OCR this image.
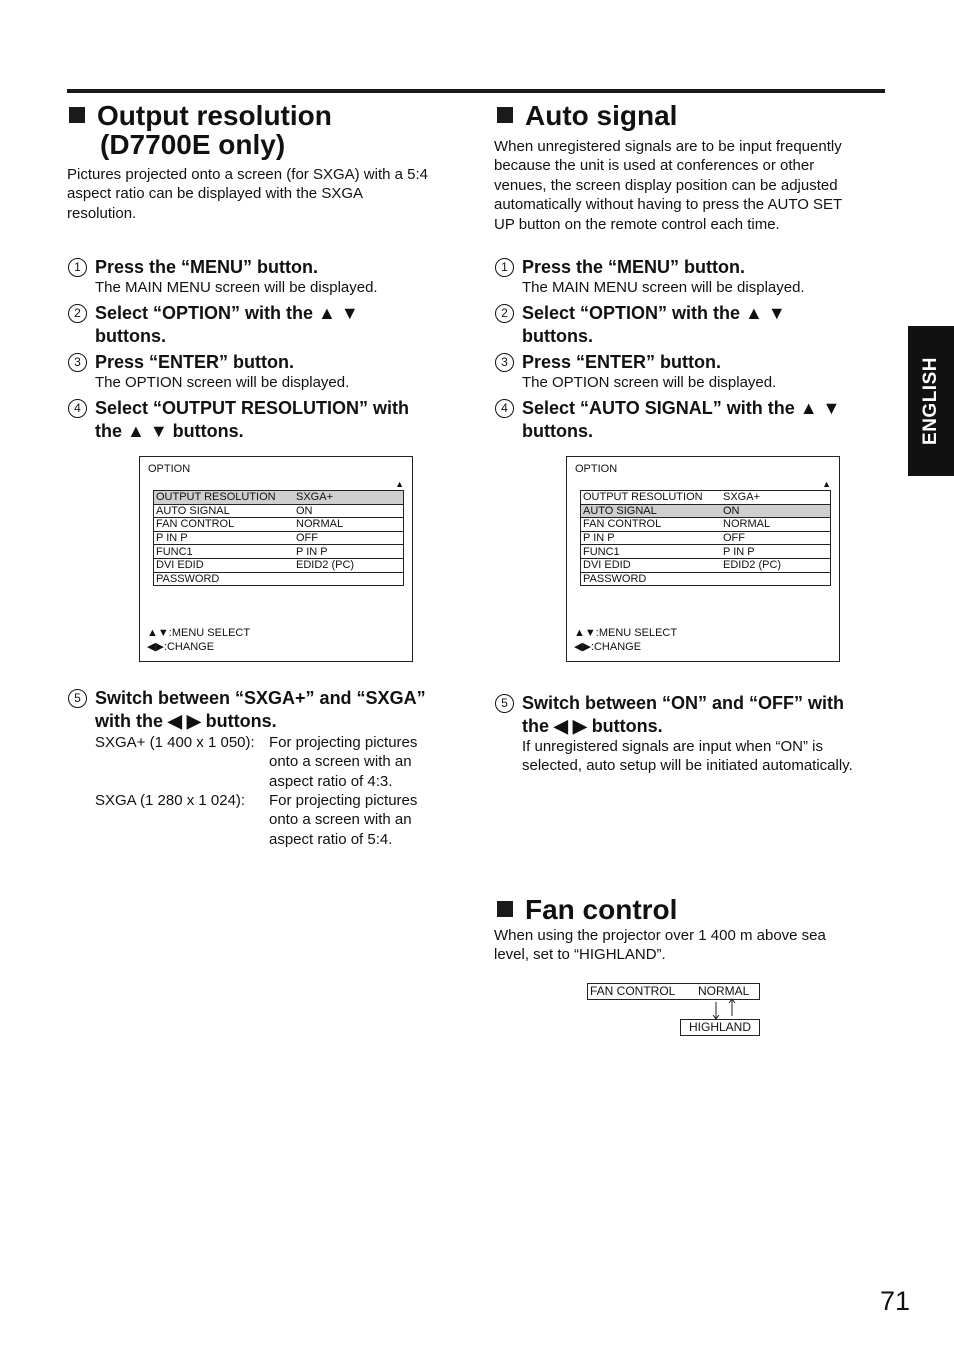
Output resolution
(D7700E only)
Pictures projected onto a screen (for SXGA) with a 5:4
aspect ratio can be displayed with the SXGA
resolution.
1 Press the “MENU” button.
The MAIN MENU screen will be displayed.
2 Select “OPTION” with the ▲ ▼
buttons.
3 Press “ENTER” button.
The OPTION screen will be displayed.
4 Select “OUTPUT RESOLUTION” with
the ▲ ▼ buttons.
OPTION
▲
OUTPUT RESOLUTION	SXGA+
AUTO SIGNAL	ON
FAN CONTROL	NORMAL
P IN P	OFF
FUNC1	P IN P
DVI EDID	EDID2 (PC)
PASSWORD	
▲▼:MENU SELECT
◀▶:CHANGE
5 Switch between “SXGA+” and “SXGA”
with the ◀ ▶ buttons.
SXGA+ (1 400 x 1 050): For projecting pictures
onto a screen with an
aspect ratio of 4:3.
SXGA (1 280 x 1 024): For projecting pictures
onto a screen with an
aspect ratio of 5:4.
Auto signal
When unregistered signals are to be input frequently
because the unit is used at conferences or other
venues, the screen display position can be adjusted
automatically without having to press the AUTO SET
UP button on the remote control each time.
1 Press the “MENU” button.
The MAIN MENU screen will be displayed.
2 Select “OPTION” with the ▲ ▼
buttons.
3 Press “ENTER” button.
The OPTION screen will be displayed.
4 Select “AUTO SIGNAL” with the ▲ ▼
buttons.
OPTION
▲
OUTPUT RESOLUTION	SXGA+
AUTO SIGNAL	ON
FAN CONTROL	NORMAL
P IN P	OFF
FUNC1	P IN P
DVI EDID	EDID2 (PC)
PASSWORD	
▲▼:MENU SELECT
◀▶:CHANGE
5 Switch between “ON” and “OFF” with
the ◀ ▶ buttons.
If unregistered signals are input when “ON” is
selected, auto setup will be initiated automatically.
Fan control
When using the projector over 1 400 m above sea
level, set to “HIGHLAND”.
FAN CONTROL NORMAL
HIGHLAND
ENGLISH
71
